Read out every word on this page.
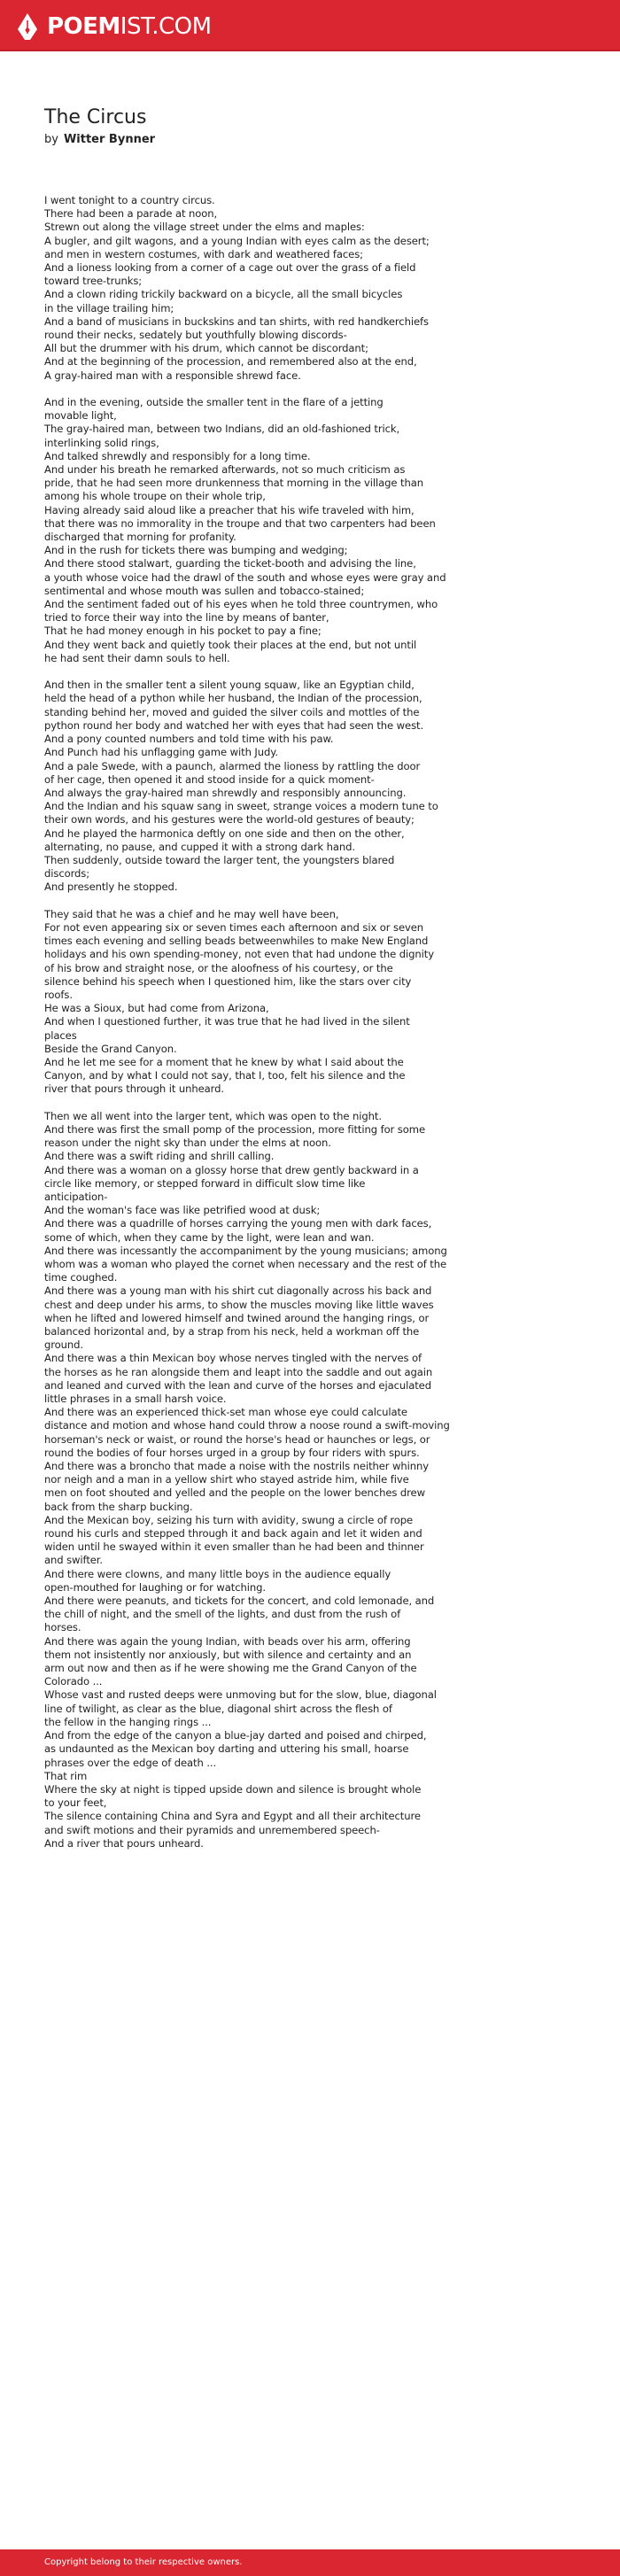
POEMIST.COM
The Circus
by Witter Bynner
I went tonight to a country circus.
There had been a parade at noon,
Strewn out along the village street under the elms and maples:
A bugler, and gilt wagons, and a young Indian with eyes calm as the desert;
and men in western costumes, with dark and weathered faces;
And a lioness looking from a corner of a cage out over the grass of a field
toward tree-trunks;
And a clown riding trickily backward on a bicycle, all the small bicycles
in the village trailing him;
And a band of musicians in buckskins and tan shirts, with red handkerchiefs
round their necks, sedately but youthfully blowing discords-
All but the drummer with his drum, which cannot be discordant;
And at the beginning of the procession, and remembered also at the end,
A gray-haired man with a responsible shrewd face.
And in the evening, outside the smaller tent in the flare of a jetting
movable light,
The gray-haired man, between two Indians, did an old-fashioned trick,
interlinking solid rings,
And talked shrewdly and responsibly for a long time.
And under his breath he remarked afterwards, not so much criticism as
pride, that he had seen more drunkenness that morning in the village than
among his whole troupe on their whole trip,
Having already said aloud like a preacher that his wife traveled with him,
that there was no immorality in the troupe and that two carpenters had been
discharged that morning for profanity.
And in the rush for tickets there was bumping and wedging;
And there stood stalwart, guarding the ticket-booth and advising the line,
a youth whose voice had the drawl of the south and whose eyes were gray and
sentimental and whose mouth was sullen and tobacco-stained;
And the sentiment faded out of his eyes when he told three countrymen, who
tried to force their way into the line by means of banter,
That he had money enough in his pocket to pay a fine;
And they went back and quietly took their places at the end, but not until
he had sent their damn souls to hell.
And then in the smaller tent a silent young squaw, like an Egyptian child,
held the head of a python while her husband, the Indian of the procession,
standing behind her, moved and guided the silver coils and mottles of the
python round her body and watched her with eyes that had seen the west.
And a pony counted numbers and told time with his paw.
And Punch had his unflagging game with Judy.
And a pale Swede, with a paunch, alarmed the lioness by rattling the door
of her cage, then opened it and stood inside for a quick moment-
And always the gray-haired man shrewdly and responsibly announcing.
And the Indian and his squaw sang in sweet, strange voices a modern tune to
their own words, and his gestures were the world-old gestures of beauty;
And he played the harmonica deftly on one side and then on the other,
alternating, no pause, and cupped it with a strong dark hand.
Then suddenly, outside toward the larger tent, the youngsters blared
discords;
And presently he stopped.
They said that he was a chief and he may well have been,
For not even appearing six or seven times each afternoon and six or seven
times each evening and selling beads betweenwhiles to make New England
holidays and his own spending-money, not even that had undone the dignity
of his brow and straight nose, or the aloofness of his courtesy, or the
silence behind his speech when I questioned him, like the stars over city
roofs.
He was a Sioux, but had come from Arizona,
And when I questioned further, it was true that he had lived in the silent
places
Beside the Grand Canyon.
And he let me see for a moment that he knew by what I said about the
Canyon, and by what I could not say, that I, too, felt his silence and the
river that pours through it unheard.
Then we all went into the larger tent, which was open to the night.
And there was first the small pomp of the procession, more fitting for some
reason under the night sky than under the elms at noon.
And there was a swift riding and shrill calling.
And there was a woman on a glossy horse that drew gently backward in a
circle like memory, or stepped forward in difficult slow time like
anticipation-
And the woman's face was like petrified wood at dusk;
And there was a quadrille of horses carrying the young men with dark faces,
some of which, when they came by the light, were lean and wan.
And there was incessantly the accompaniment by the young musicians; among
whom was a woman who played the cornet when necessary and the rest of the
time coughed.
And there was a young man with his shirt cut diagonally across his back and
chest and deep under his arms, to show the muscles moving like little waves
when he lifted and lowered himself and twined around the hanging rings, or
balanced horizontal and, by a strap from his neck, held a workman off the
ground.
And there was a thin Mexican boy whose nerves tingled with the nerves of
the horses as he ran alongside them and leapt into the saddle and out again
and leaned and curved with the lean and curve of the horses and ejaculated
little phrases in a small harsh voice.
And there was an experienced thick-set man whose eye could calculate
distance and motion and whose hand could throw a noose round a swift-moving
horseman's neck or waist, or round the horse's head or haunches or legs, or
round the bodies of four horses urged in a group by four riders with spurs.
And there was a broncho that made a noise with the nostrils neither whinny
nor neigh and a man in a yellow shirt who stayed astride him, while five
men on foot shouted and yelled and the people on the lower benches drew
back from the sharp bucking.
And the Mexican boy, seizing his turn with avidity, swung a circle of rope
round his curls and stepped through it and back again and let it widen and
widen until he swayed within it even smaller than he had been and thinner
and swifter.
And there were clowns, and many little boys in the audience equally
open-mouthed for laughing or for watching.
And there were peanuts, and tickets for the concert, and cold lemonade, and
the chill of night, and the smell of the lights, and dust from the rush of
horses.
And there was again the young Indian, with beads over his arm, offering
them not insistently nor anxiously, but with silence and certainty and an
arm out now and then as if he were showing me the Grand Canyon of the
Colorado ...
Whose vast and rusted deeps were unmoving but for the slow, blue, diagonal
line of twilight, as clear as the blue, diagonal shirt across the flesh of
the fellow in the hanging rings ...
And from the edge of the canyon a blue-jay darted and poised and chirped,
as undaunted as the Mexican boy darting and uttering his small, hoarse
phrases over the edge of death ...
That rim
Where the sky at night is tipped upside down and silence is brought whole
to your feet,
The silence containing China and Syra and Egypt and all their architecture
and swift motions and their pyramids and unremembered speech-
And a river that pours unheard.
Copyright belong to their respective owners.
